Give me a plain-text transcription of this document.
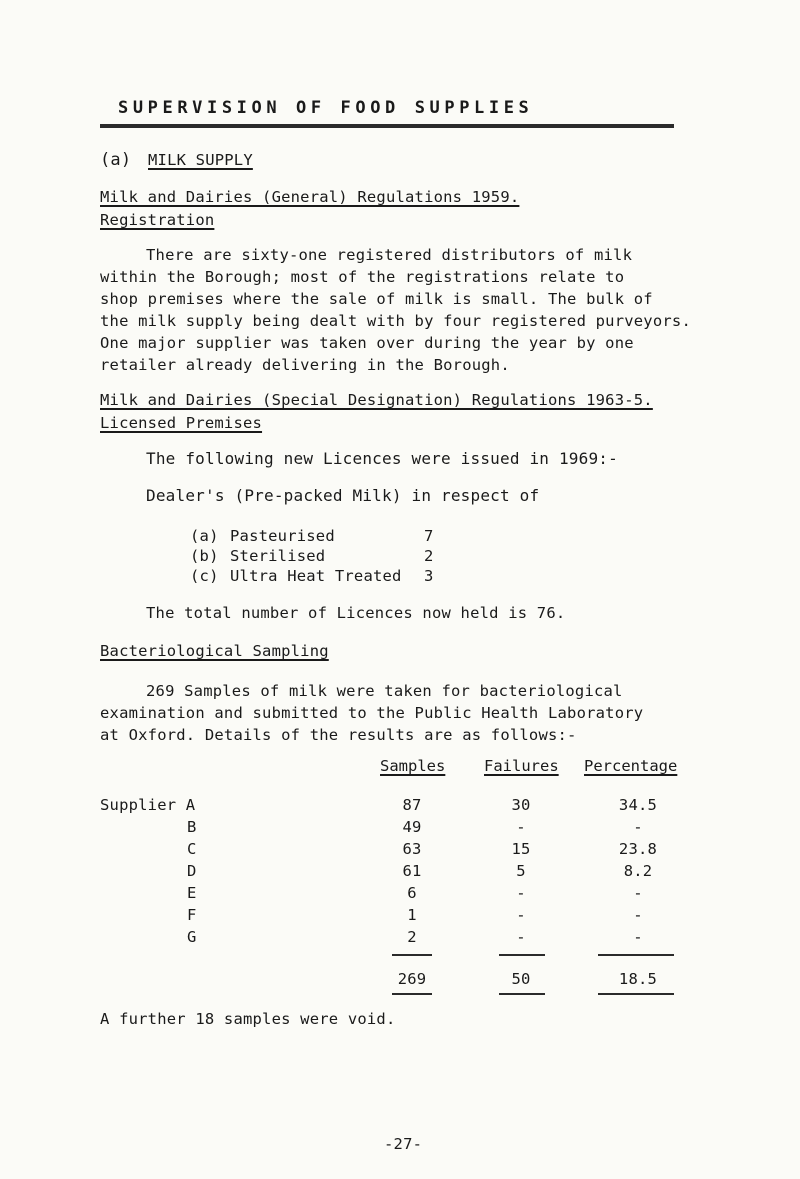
SUPERVISION OF FOOD SUPPLIES
(a) MILK SUPPLY
Milk and Dairies (General) Regulations 1959.
Registration
There are sixty-one registered distributors of milk
within the Borough; most of the registrations relate to
shop premises where the sale of milk is small. The bulk of
the milk supply being dealt with by four registered purveyors.
One major supplier was taken over during the year by one
retailer already delivering in the Borough.
Milk and Dairies (Special Designation) Regulations 1963-5.
Licensed Premises
The following new Licences were issued in 1969:-
Dealer's (Pre-packed Milk) in respect of
(a) Pasteurised	7
(b) Sterilised	2
(c) Ultra Heat Treated 3
The total number of Licences now held is 76.
Bacteriological Sampling
269 Samples of milk were taken for bacteriological
examination and submitted to the Public Health Laboratory
at Oxford. Details of the results are as follows:-
Samples Failures Percentage
Supplier A	87	30	34.5
B	49	-	-
C	63	15	23.8
D	61	5	8.2
E	6	-	-
F	1	-	-
G	2	-	-
269	50	18.5
A further 18 samples were void.
-27-
